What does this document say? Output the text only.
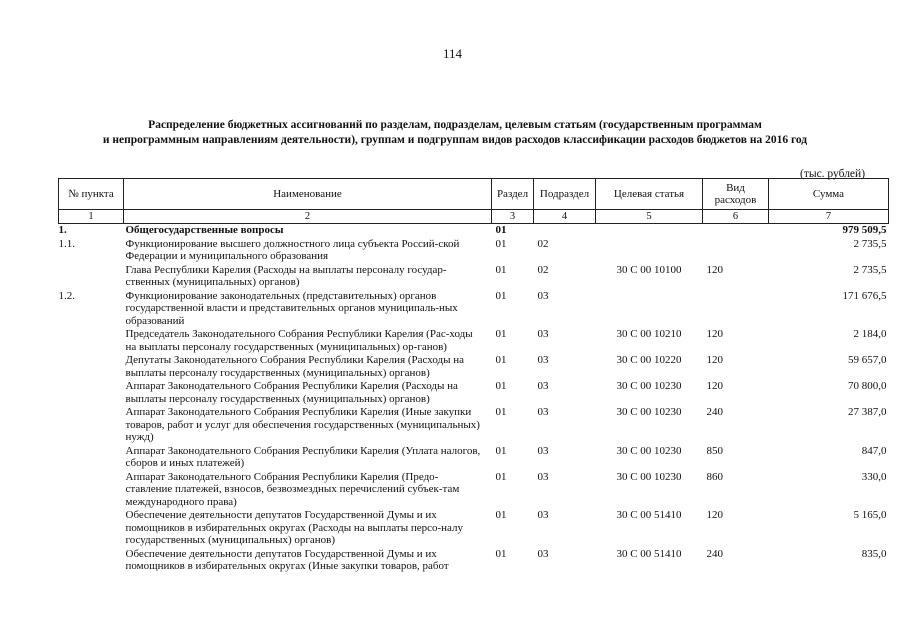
114
Распределение бюджетных ассигнований по разделам, подразделам, целевым статьям (государственным программам
и непрограммным направлениям деятельности), группам и подгруппам видов расходов классификации расходов бюджетов на 2016 год
(тыс. рублей)
№ пункта	Наименование	Раздел	Подраздел	Целевая статья	Вид расходов	Сумма
1	2	3	4	5	6	7
1.	Общегосударственные вопросы	01				979 509,5
1.1.	Функционирование высшего должностного лица субъекта Россий-ской Федерации и муниципального образования	01	02			2 735,5
	Глава Республики Карелия (Расходы на выплаты персоналу государ-ственных (муниципальных) органов)	01	02	30 С 00 10100	120	2 735,5
1.2.	Функционирование законодательных (представительных) органов государственной власти и представительных органов муниципаль-ных образований	01	03			171 676,5
	Председатель Законодательного Собрания Республики Карелия (Рас-ходы на выплаты персоналу государственных (муниципальных) ор-ганов)	01	03	30 С 00 10210	120	2 184,0
	Депутаты Законодательного Собрания Республики Карелия (Расходы на выплаты персоналу государственных (муниципальных) органов)	01	03	30 С 00 10220	120	59 657,0
	Аппарат Законодательного Собрания Республики Карелия (Расходы на выплаты персоналу государственных (муниципальных) органов)	01	03	30 С 00 10230	120	70 800,0
	Аппарат Законодательного Собрания Республики Карелия (Иные закупки товаров, работ и услуг для обеспечения государственных (муниципальных) нужд)	01	03	30 С 00 10230	240	27 387,0
	Аппарат Законодательного Собрания Республики Карелия (Уплата налогов, сборов и иных платежей)	01	03	30 С 00 10230	850	847,0
	Аппарат Законодательного Собрания Республики Карелия (Предо-ставление платежей, взносов, безвозмездных перечислений субъек-там международного права)	01	03	30 С 00 10230	860	330,0
	Обеспечение деятельности депутатов Государственной Думы и их помощников в избирательных округах (Расходы на выплаты персо-налу государственных (муниципальных) органов)	01	03	30 С 00 51410	120	5 165,0
	Обеспечение деятельности депутатов Государственной Думы и их помощников в избирательных округах (Иные закупки товаров, работ	01	03	30 С 00 51410	240	835,0
